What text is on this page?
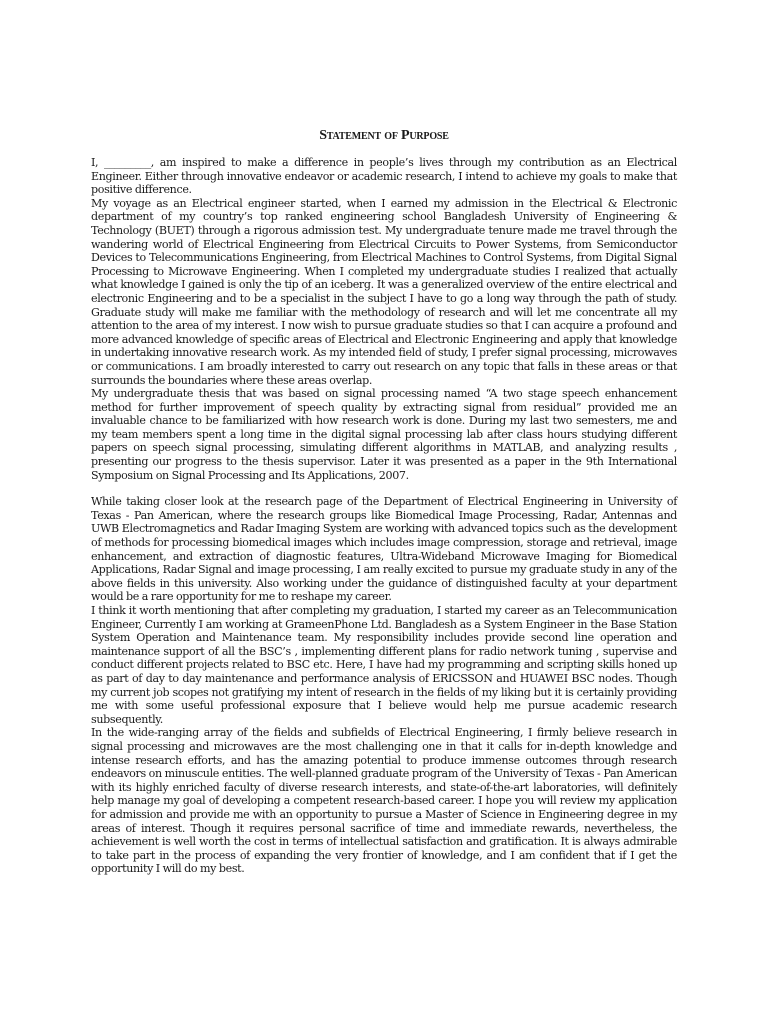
Statement of Purpose

I, _________, am inspired to make a difference in people’s lives through my contribution as an Electrical Engineer. Either through innovative endeavor or academic research, I intend to achieve my goals to make that positive difference.

My voyage as an Electrical engineer started, when I earned my admission in the Electrical & Electronic department of my country’s top ranked engineering school Bangladesh University of Engineering & Technology (BUET) through a rigorous admission test. My undergraduate tenure made me travel through the wandering world of Electrical Engineering from Electrical Circuits to Power Systems, from Semiconductor Devices to Telecommunications Engineering, from Electrical Machines to Control Systems, from Digital Signal Processing to Microwave Engineering. When I completed my undergraduate studies I realized that actually what knowledge I gained is only the tip of an iceberg. It was a generalized overview of the entire electrical and electronic Engineering and to be a specialist in the subject I have to go a long way through the path of study. Graduate study will make me familiar with the methodology of research and will let me concentrate all my attention to the area of my interest. I now wish to pursue graduate studies so that I can acquire a profound and more advanced knowledge of specific areas of Electrical and Electronic Engineering and apply that knowledge in undertaking innovative research work. As my intended field of study, I prefer signal processing, microwaves or communications. I am broadly interested to carry out research on any topic that falls in these areas or that surrounds the boundaries where these areas overlap.

My undergraduate thesis that was based on signal processing named “A two stage speech enhancement method for further improvement of speech quality by extracting signal from residual” provided me an invaluable chance to be familiarized with how research work is done. During my last two semesters, me and my team members spent a long time in the digital signal processing lab after class hours studying different papers on speech signal processing, simulating different algorithms in MATLAB, and analyzing results , presenting our progress to the thesis supervisor. Later it was presented as a paper in the 9th International Symposium on Signal Processing and Its Applications, 2007.

While taking closer look at the research page of the Department of Electrical Engineering in University of Texas - Pan American, where the research groups like Biomedical Image Processing, Radar, Antennas and UWB Electromagnetics and Radar Imaging System are working with advanced topics such as the development of methods for processing biomedical images which includes image compression, storage and retrieval, image enhancement, and extraction of diagnostic features, Ultra-Wideband Microwave Imaging for Biomedical Applications, Radar Signal and image processing, I am really excited to pursue my graduate study in any of the above fields in this university. Also working under the guidance of distinguished faculty at your department would be a rare opportunity for me to reshape my career.

I think it worth mentioning that after completing my graduation, I started my career as an Telecommunication Engineer, Currently I am working at GrameenPhone Ltd. Bangladesh as a System Engineer in the Base Station System Operation and Maintenance team. My responsibility includes provide second line operation and maintenance support of all the BSC’s , implementing different plans for radio network tuning , supervise and conduct different projects related to BSC etc. Here, I have had my programming and scripting skills honed up as part of day to day maintenance and performance analysis of ERICSSON and HUAWEI BSC nodes. Though my current job scopes not gratifying my intent of research in the fields of my liking but it is certainly providing me with some useful professional exposure that I believe would help me pursue academic research subsequently.

In the wide-ranging array of the fields and subfields of Electrical Engineering, I firmly believe research in signal processing and microwaves are the most challenging one in that it calls for in-depth knowledge and intense research efforts, and has the amazing potential to produce immense outcomes through research endeavors on minuscule entities. The well-planned graduate program of the University of Texas - Pan American with its highly enriched faculty of diverse research interests, and state-of-the-art laboratories, will definitely help manage my goal of developing a competent research-based career. I hope you will review my application for admission and provide me with an opportunity to pursue a Master of Science in Engineering degree in my areas of interest. Though it requires personal sacrifice of time and immediate rewards, nevertheless, the achievement is well worth the cost in terms of intellectual satisfaction and gratification. It is always admirable to take part in the process of expanding the very frontier of knowledge, and I am confident that if I get the opportunity I will do my best.
